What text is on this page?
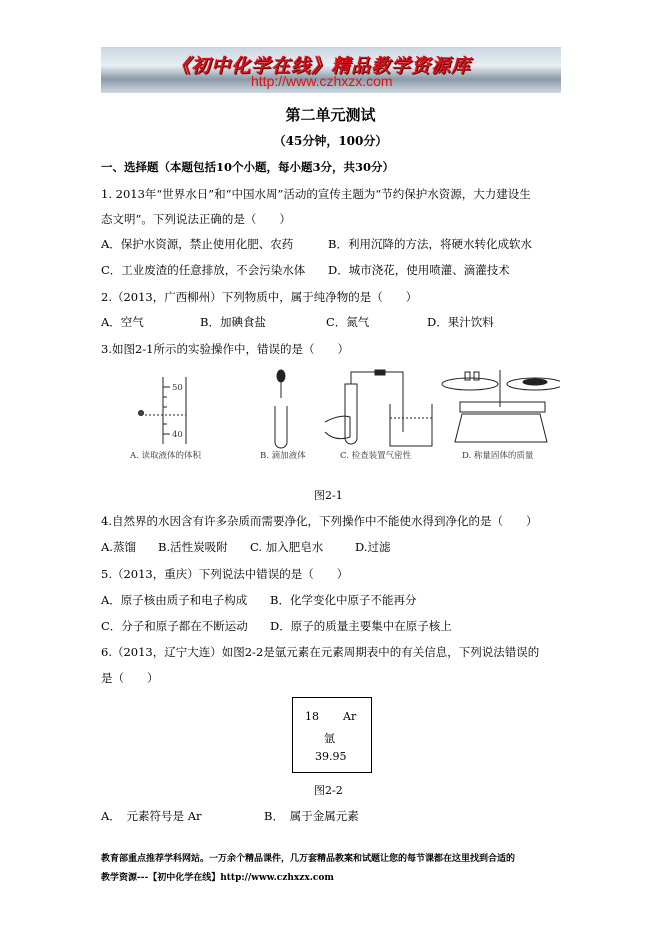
《初中化学在线》精品教学资源库
http://www.czhxzx.com
第二单元测试
（45分钟，100分）
一、选择题（本题包括10个小题，每小题3分，共30分）
1. 2013年“世界水日”和“中国水周”活动的宣传主题为“节约保护水资源，大力建设生
态文明”。下列说法正确的是（　　）
A．保护水资源，禁止使用化肥、农药	B．利用沉降的方法，将硬水转化成软水
C．工业废渣的任意排放，不会污染水体 D．城市浇花，使用喷灌、滴灌技术
2.（2013，广西柳州）下列物质中，属于纯净物的是（　　）
A．空气	B．加碘食盐	C．氮气	D．果汁饮料
3.如图2-1所示的实验操作中，错误的是（　　）
A. 读取液体的体积	B. 滴加液体	C. 检查装置气密性	D. 称量固体的质量
50
40
图2-1
4.自然界的水因含有许多杂质而需要净化，下列操作中不能使水得到净化的是（　　）
A.蒸馏 B.活性炭吸附 C. 加入肥皂水	D.过滤
5.（2013，重庆）下列说法中错误的是（　　）
A．原子核由质子和电子构成 B．化学变化中原子不能再分
C．分子和原子都在不断运动 D．原子的质量主要集中在原子核上
6.（2013，辽宁大连）如图2-2是氩元素在元素周期表中的有关信息，下列说法错误的
是（　　）
18 Ar
氩
39.95
图2-2
A．　元素符号是 Ar	B．　属于金属元素
教育部重点推荐学科网站。一万余个精品课件，几万套精品教案和试题让您的每节课都在这里找到合适的
教学资源---【初中化学在线】http://www.czhxzx.com
